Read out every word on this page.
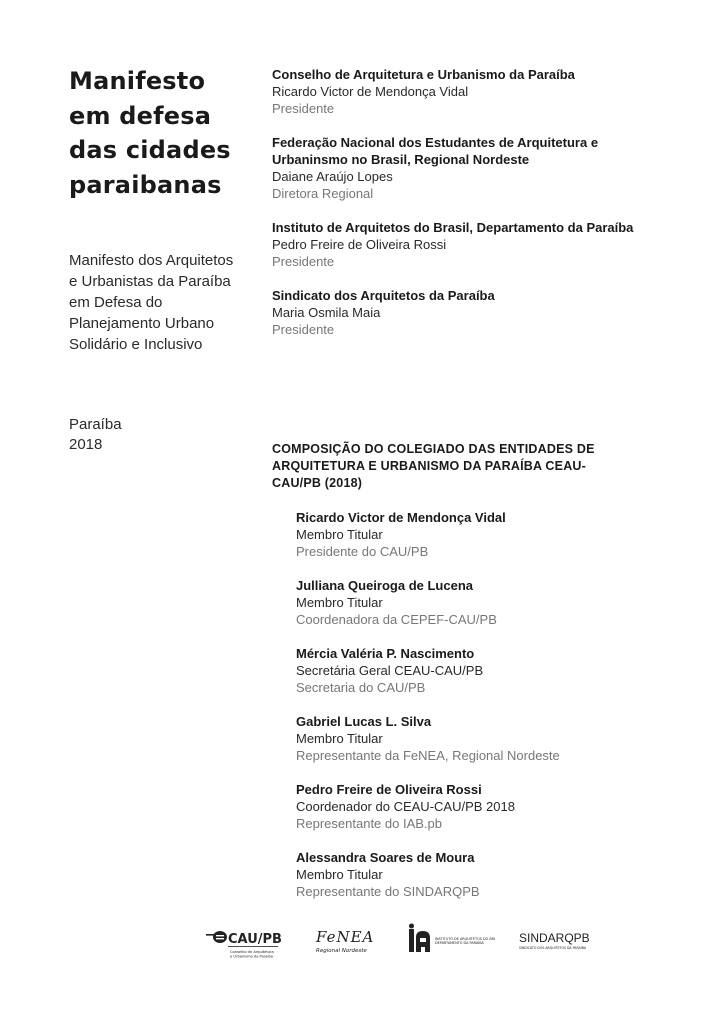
Manifesto em defesa das cidades paraibanas

Manifesto dos Arquitetos e Urbanistas da Paraíba em Defesa do Planejamento Urbano Solidário e Inclusivo

Paraíba
2018
Conselho de Arquitetura e Urbanismo da Paraíba
Ricardo Victor de Mendonça Vidal
Presidente
Federação Nacional dos Estudantes de Arquitetura e Urbaninsmo no Brasil, Regional Nordeste
Daiane Araújo Lopes
Diretora Regional
Instituto de Arquitetos do Brasil, Departamento da Paraíba
Pedro Freire de Oliveira Rossi
Presidente
Sindicato dos Arquitetos da Paraíba
Maria Osmila Maia
Presidente
COMPOSIÇÃO DO COLEGIADO DAS ENTIDADES DE ARQUITETURA E URBANISMO DA PARAÍBA CEAU-CAU/PB (2018)
Ricardo Victor de Mendonça Vidal
Membro Titular
Presidente do CAU/PB
Julliana Queiroga de Lucena
Membro Titular
Coordenadora da CEPEF-CAU/PB
Mércia Valéria P. Nascimento
Secretária Geral CEAU-CAU/PB
Secretaria do CAU/PB
Gabriel Lucas L. Silva
Membro Titular
Representante da FeNEA, Regional Nordeste
Pedro Freire de Oliveira Rossi
Coordenador do CEAU-CAU/PB 2018
Representante do IAB.pb
Alessandra Soares de Moura
Membro Titular
Representante do SINDARQPB
CAU/PB
Conselho de Arquitetura
e Urbanismo da Paraíba
FeNEA
Regional Nordeste
INSTITUTO DE ARQUITETOS DO BRASIL
DEPARTAMENTO DA PARAÍBA	SINDARQPB
SINDICATO DOS ARQUITETOS DA PARAÍBA
